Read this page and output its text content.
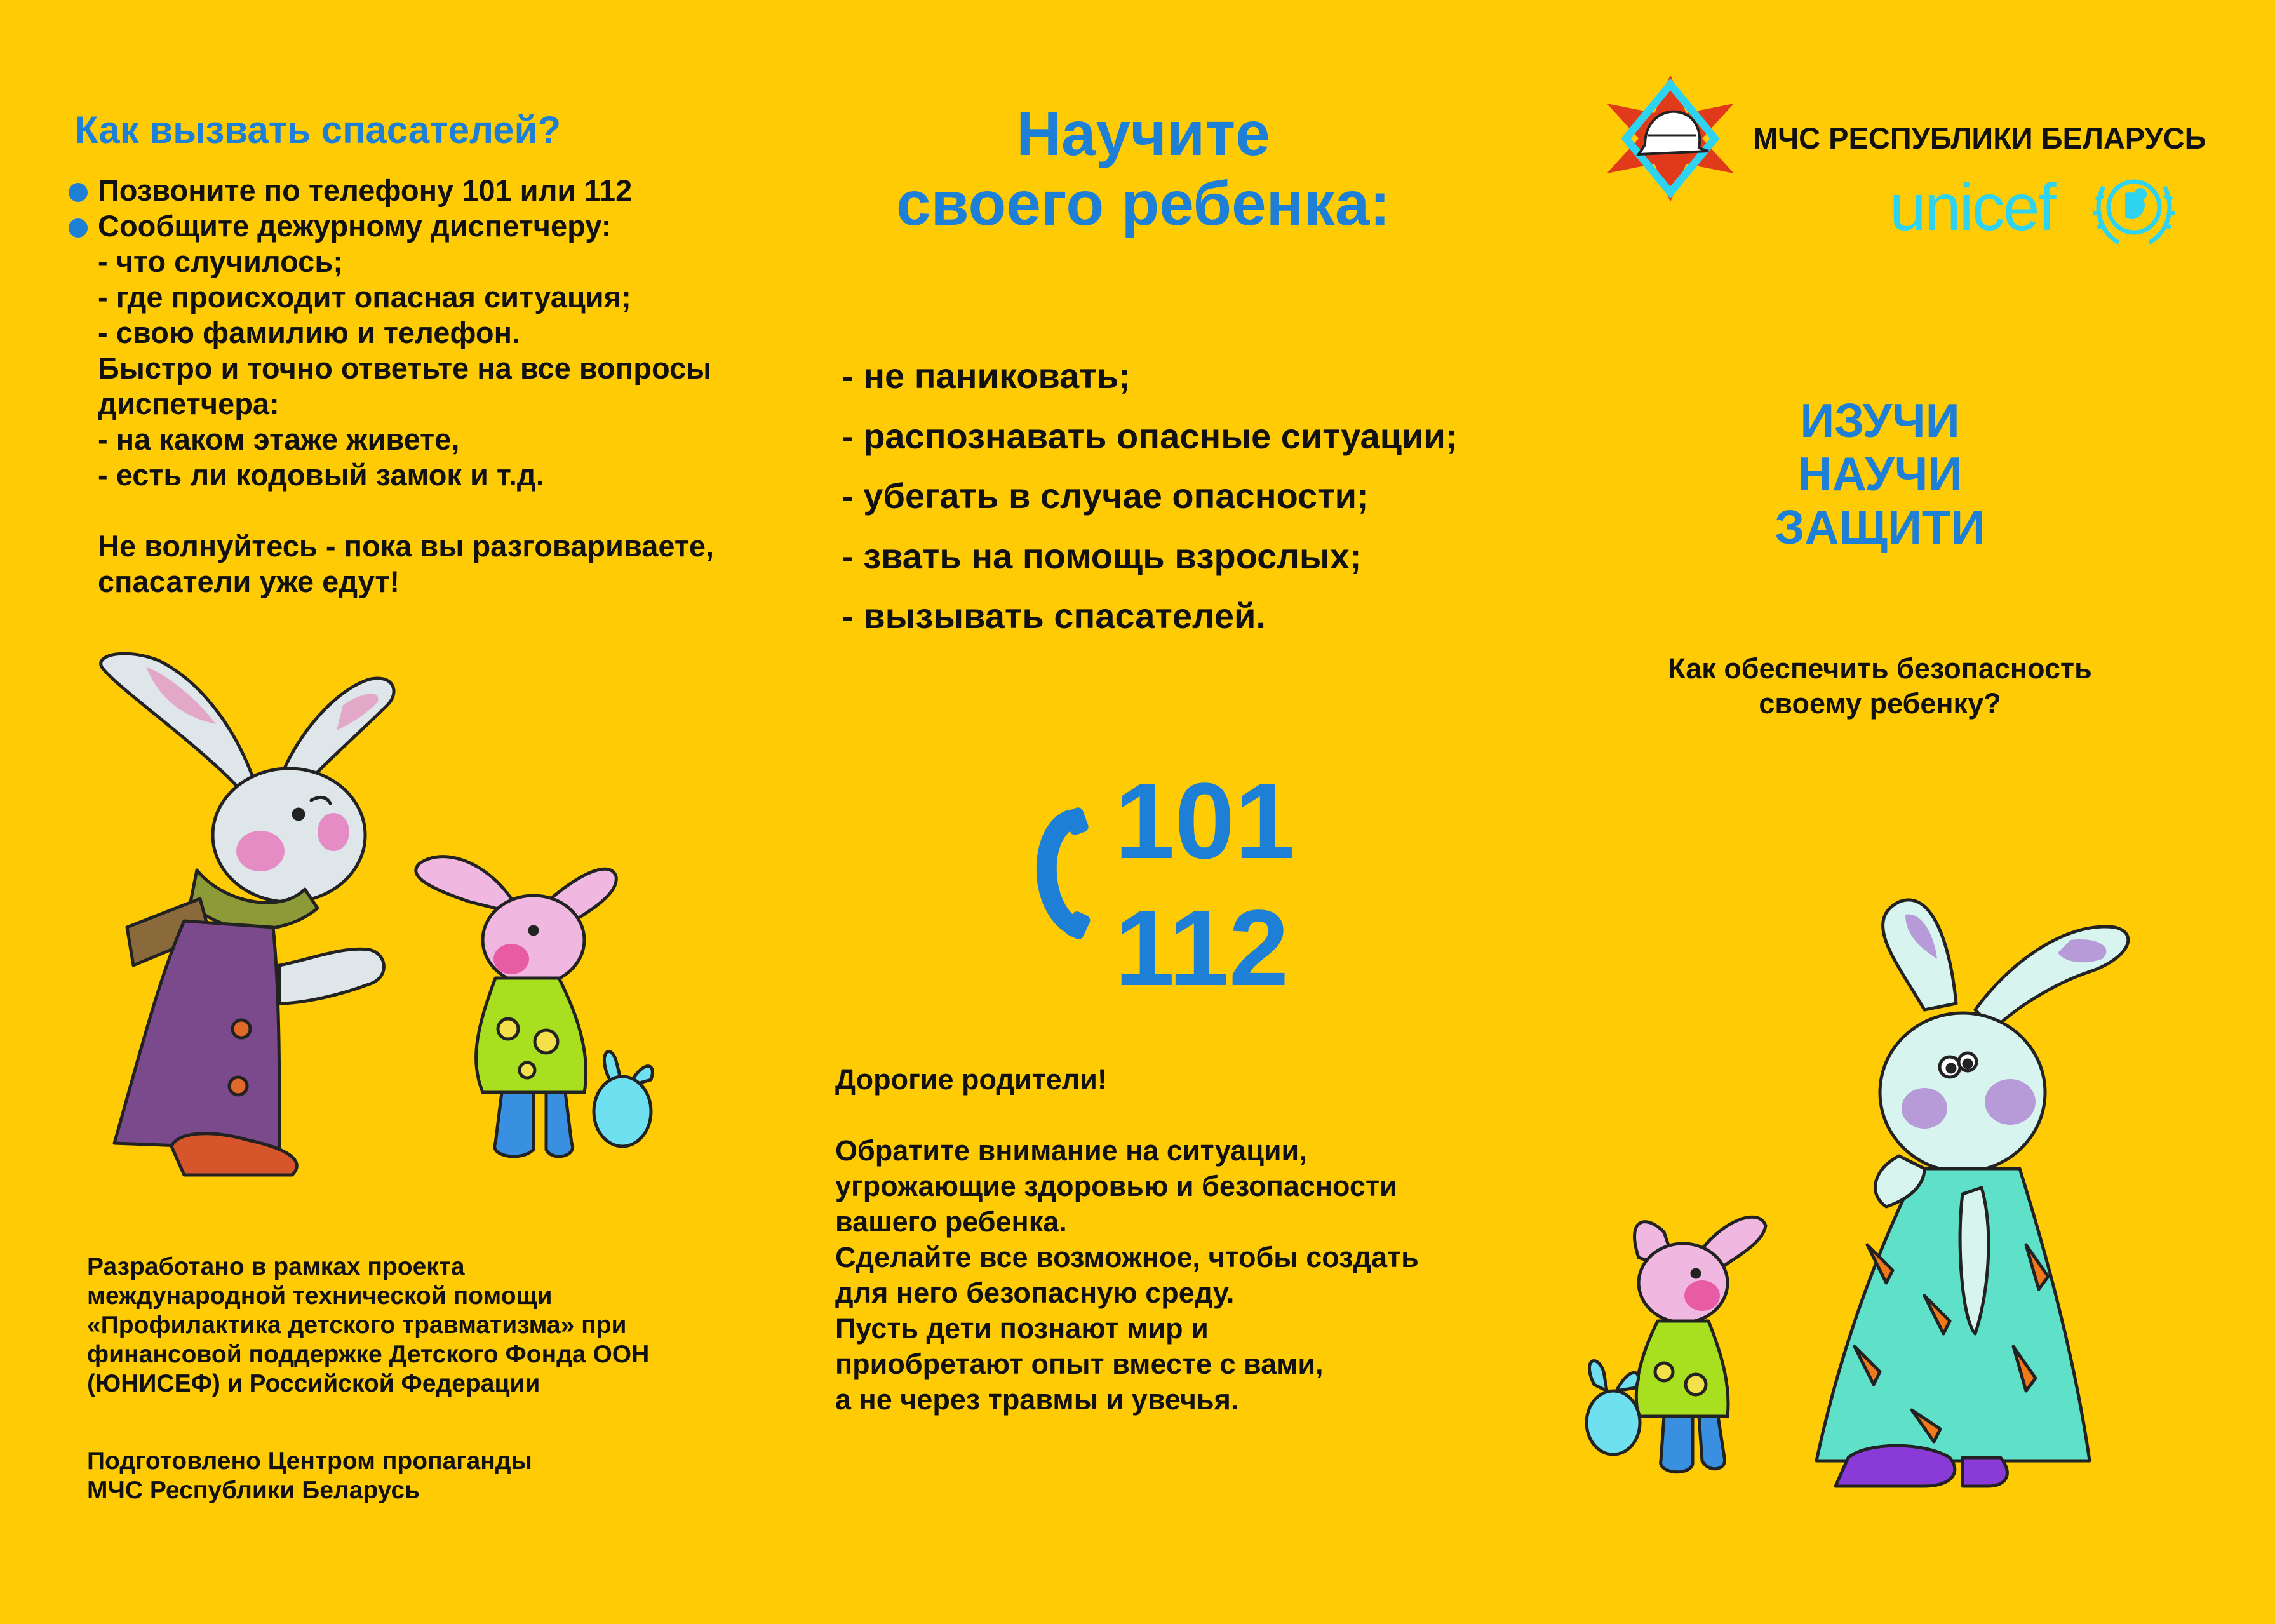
Как вызвать спасателей?
Позвоните по телефону 101 или 112
Сообщите дежурному диспетчеру:
- что случилось;
- где происходит опасная ситуация;
- свою фамилию и телефон.
Быстро и точно ответьте на все вопросы
диспетчера:
- на каком этаже живете,
- есть ли кодовый замок и т.д.
Не волнуйтесь - пока вы разговариваете,
спасатели уже едут!
Разработано в рамках проекта
международной технической помощи
«Профилактика детского травматизма» при
финансовой поддержке Детского Фонда ООН
(ЮНИСЕФ) и Российской Федерации
Подготовлено Центром пропаганды
МЧС Республики Беларусь
Научите
своего ребенка:
- не паниковать;
- распознавать опасные ситуации;
- убегать в случае опасности;
- звать на помощь взрослых;
- вызывать спасателей.
101
112
Дорогие родители!
Обратите внимание на ситуации,
угрожающие здоровью и безопасности
вашего ребенка.
Сделайте все возможное, чтобы создать
для него безопасную среду.
Пусть дети познают мир и
приобретают опыт вместе с вами,
а не через травмы и увечья.
МЧС РЕСПУБЛИКИ БЕЛАРУСЬ
unicef
ИЗУЧИ
НАУЧИ
ЗАЩИТИ
Как обеспечить безопасность
своему ребенку?
